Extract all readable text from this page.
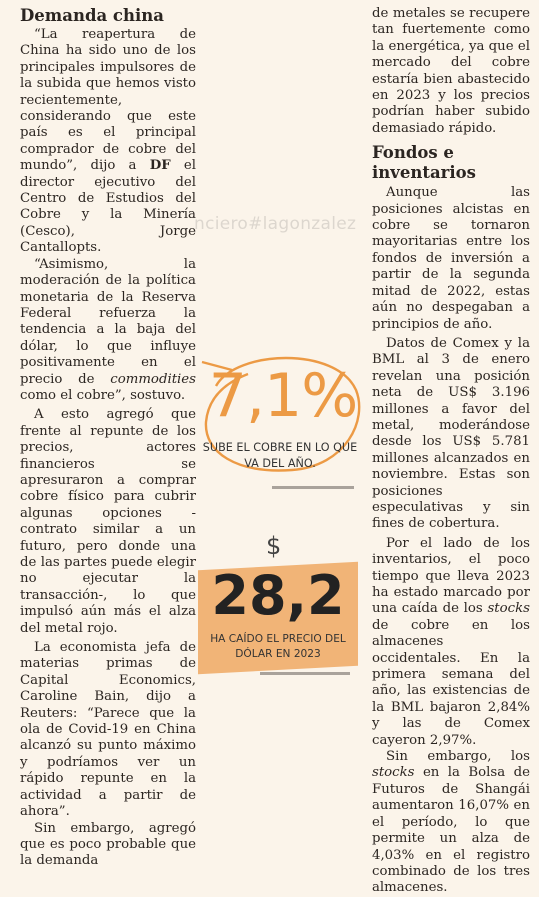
nciero#lagonzalez
Demanda china

“La reapertura de China ha sido uno de los principales impulsores de la subida que hemos visto recientemente, considerando que este país es el principal comprador de cobre del mundo”, dijo a DF el director ejecutivo del Centro de Estudios del Cobre y la Minería (Cesco), Jorge Cantallopts.

“Asimismo, la moderación de la política monetaria de la Reserva Federal refuerza la tendencia a la baja del dólar, lo que influye positivamente en el precio de commodities como el cobre”, sostuvo.

A esto agregó que frente al repunte de los precios, actores financieros se apresuraron a comprar cobre físico para cubrir algunas opciones -contrato similar a un futuro, pero donde una de las partes puede elegir no ejecutar la transacción-, lo que impulsó aún más el alza del metal rojo.

La economista jefa de materias primas de Capital Economics, Caroline Bain, dijo a Reuters: “Parece que la ola de Covid-19 en China alcanzó su punto máximo y podríamos ver un rápido repunte en la actividad a partir de ahora”.

Sin embargo, agregó que es poco probable que la demanda

de metales se recupere tan fuertemente como la energética, ya que el mercado del cobre estaría bien abastecido en 2023 y los precios podrían haber subido demasiado rápido.

Fondos e inventarios

Aunque las posiciones alcistas en cobre se tornaron mayoritarias entre los fondos de inversión a partir de la segunda mitad de 2022, estas aún no despegaban a principios de año.

Datos de Comex y la BML al 3 de enero revelan una posición neta de US$ 3.196 millones a favor del metal, moderándose desde los US$ 5.781 millones alcanzados en noviembre. Estas son posiciones especulativas y sin fines de cobertura.

Por el lado de los inventarios, el poco tiempo que lleva 2023 ha estado marcado por una caída de los stocks de cobre en los almacenes occidentales. En la primera semana del año, las existencias de la BML bajaron 2,84% y las de Comex cayeron 2,97%.

Sin embargo, los stocks en la Bolsa de Futuros de Shangái aumentaron 16,07% en el período, lo que permite un alza de 4,03% en el registro combinado de los tres almacenes.

7,1%
SUBE EL COBRE EN LO QUE VA DEL AÑO.
$
28,2
HA CAÍDO EL PRECIO DEL DÓLAR EN 2023
